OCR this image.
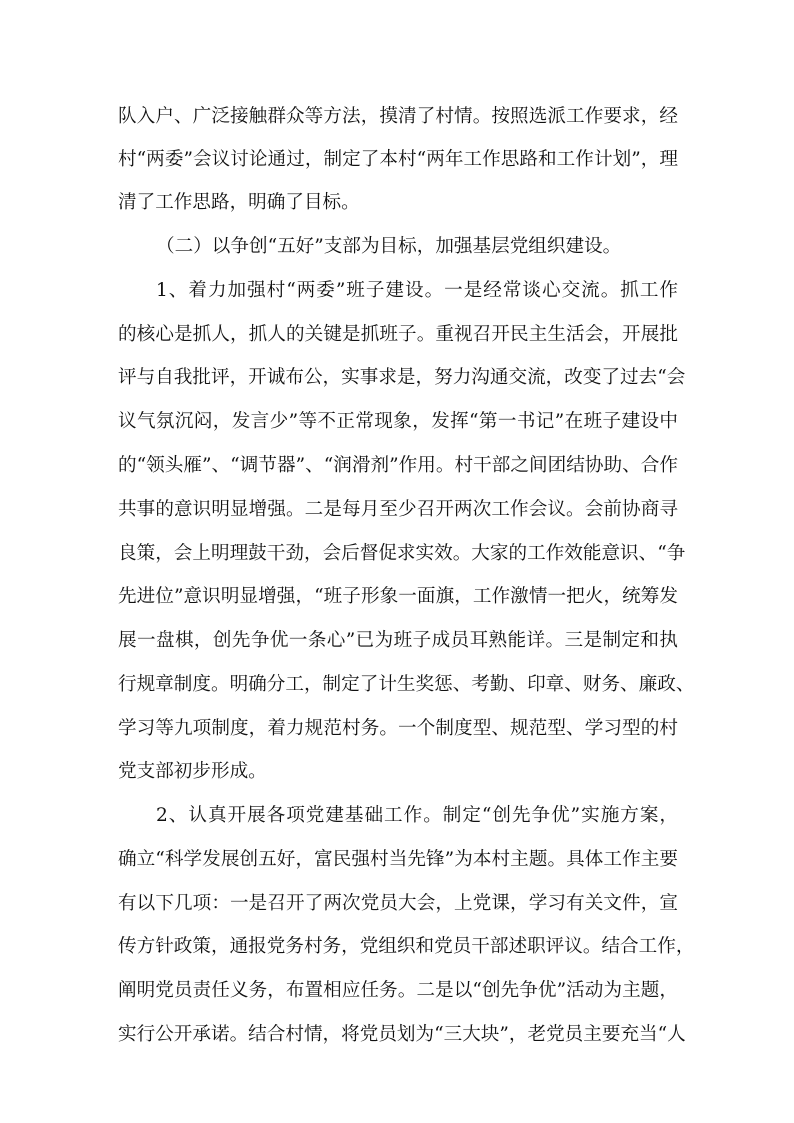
队入户、广泛接触群众等方法，摸清了村情。按照选派工作要求，经
村“两委”会议讨论通过，制定了本村“两年工作思路和工作计划”，理
清了工作思路，明确了目标。
（二）以争创“五好”支部为目标，加强基层党组织建设。
1、着力加强村“两委”班子建设。一是经常谈心交流。抓工作
的核心是抓人，抓人的关键是抓班子。重视召开民主生活会，开展批
评与自我批评，开诚布公，实事求是，努力沟通交流，改变了过去“会
议气氛沉闷，发言少”等不正常现象，发挥“第一书记”在班子建设中
的“领头雁”、“调节器”、“润滑剂”作用。村干部之间团结协助、合作
共事的意识明显增强。二是每月至少召开两次工作会议。会前协商寻
良策，会上明理鼓干劲，会后督促求实效。大家的工作效能意识、“争
先进位”意识明显增强，“班子形象一面旗，工作激情一把火，统筹发
展一盘棋，创先争优一条心”已为班子成员耳熟能详。三是制定和执
行规章制度。明确分工，制定了计生奖惩、考勤、印章、财务、廉政、
学习等九项制度，着力规范村务。一个制度型、规范型、学习型的村
党支部初步形成。
2、认真开展各项党建基础工作。制定“创先争优”实施方案，
确立“科学发展创五好，富民强村当先锋”为本村主题。具体工作主要
有以下几项：一是召开了两次党员大会，上党课，学习有关文件，宣
传方针政策，通报党务村务，党组织和党员干部述职评议。结合工作，
阐明党员责任义务，布置相应任务。二是以“创先争优”活动为主题，
实行公开承诺。结合村情，将党员划为“三大块”，老党员主要充当“人
